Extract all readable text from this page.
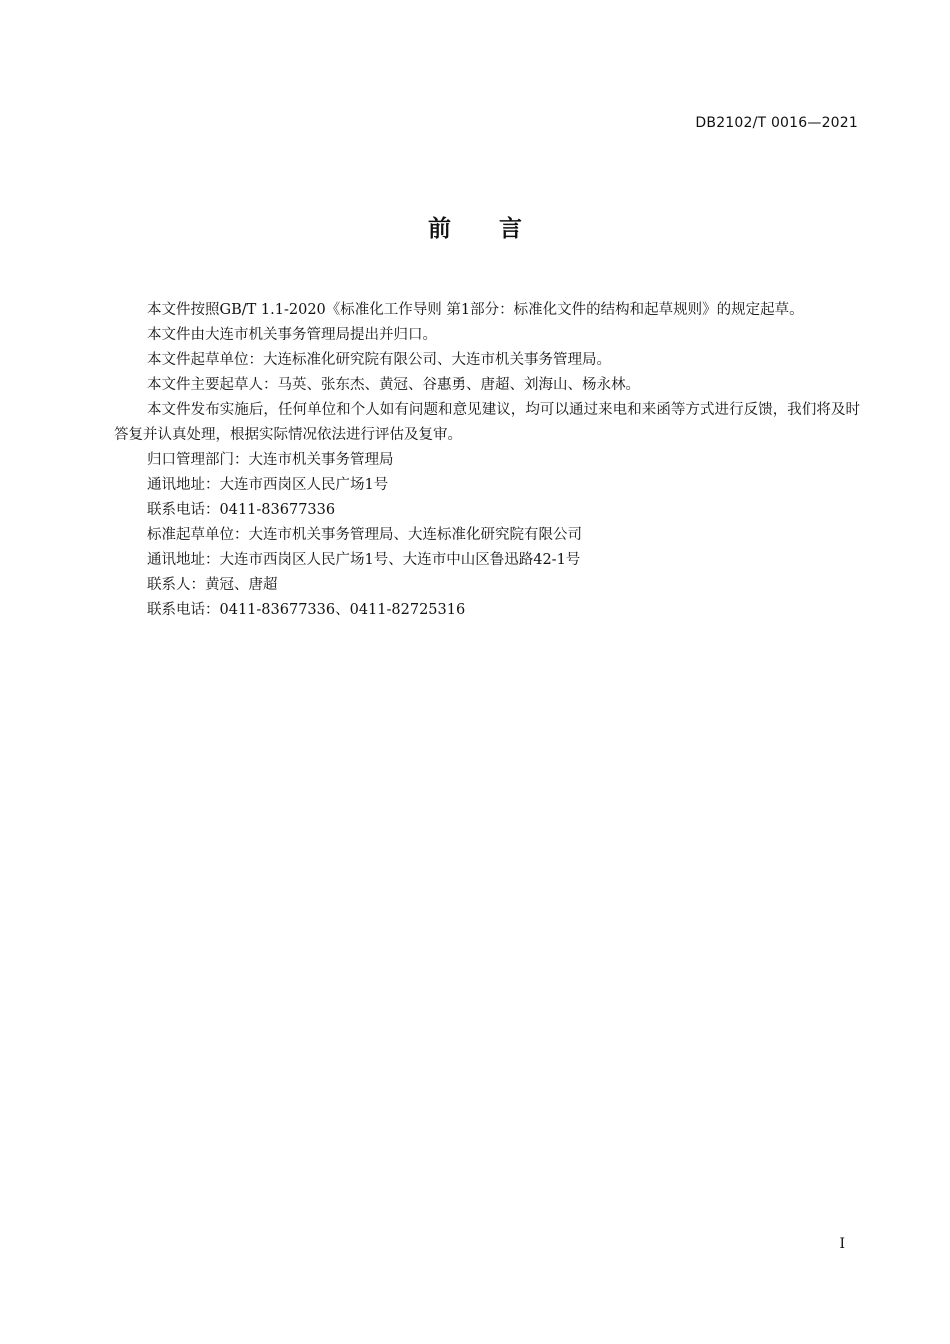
DB2102/T 0016—2021
前 言

本文件按照GB/T 1.1-2020《标准化工作导则 第1部分：标准化文件的结构和起草规则》的规定起草。

本文件由大连市机关事务管理局提出并归口。

本文件起草单位：大连标准化研究院有限公司、大连市机关事务管理局。

本文件主要起草人：马英、张东杰、黄冠、谷惠勇、唐超、刘海山、杨永林。

本文件发布实施后，任何单位和个人如有问题和意见建议，均可以通过来电和来函等方式进行反馈，我们将及时答复并认真处理，根据实际情况依法进行评估及复审。

归口管理部门：大连市机关事务管理局

通讯地址：大连市西岗区人民广场1号

联系电话：0411-83677336

标准起草单位：大连市机关事务管理局、大连标准化研究院有限公司

通讯地址：大连市西岗区人民广场1号、大连市中山区鲁迅路42-1号

联系人：黄冠、唐超

联系电话：0411-83677336、0411-82725316

I
